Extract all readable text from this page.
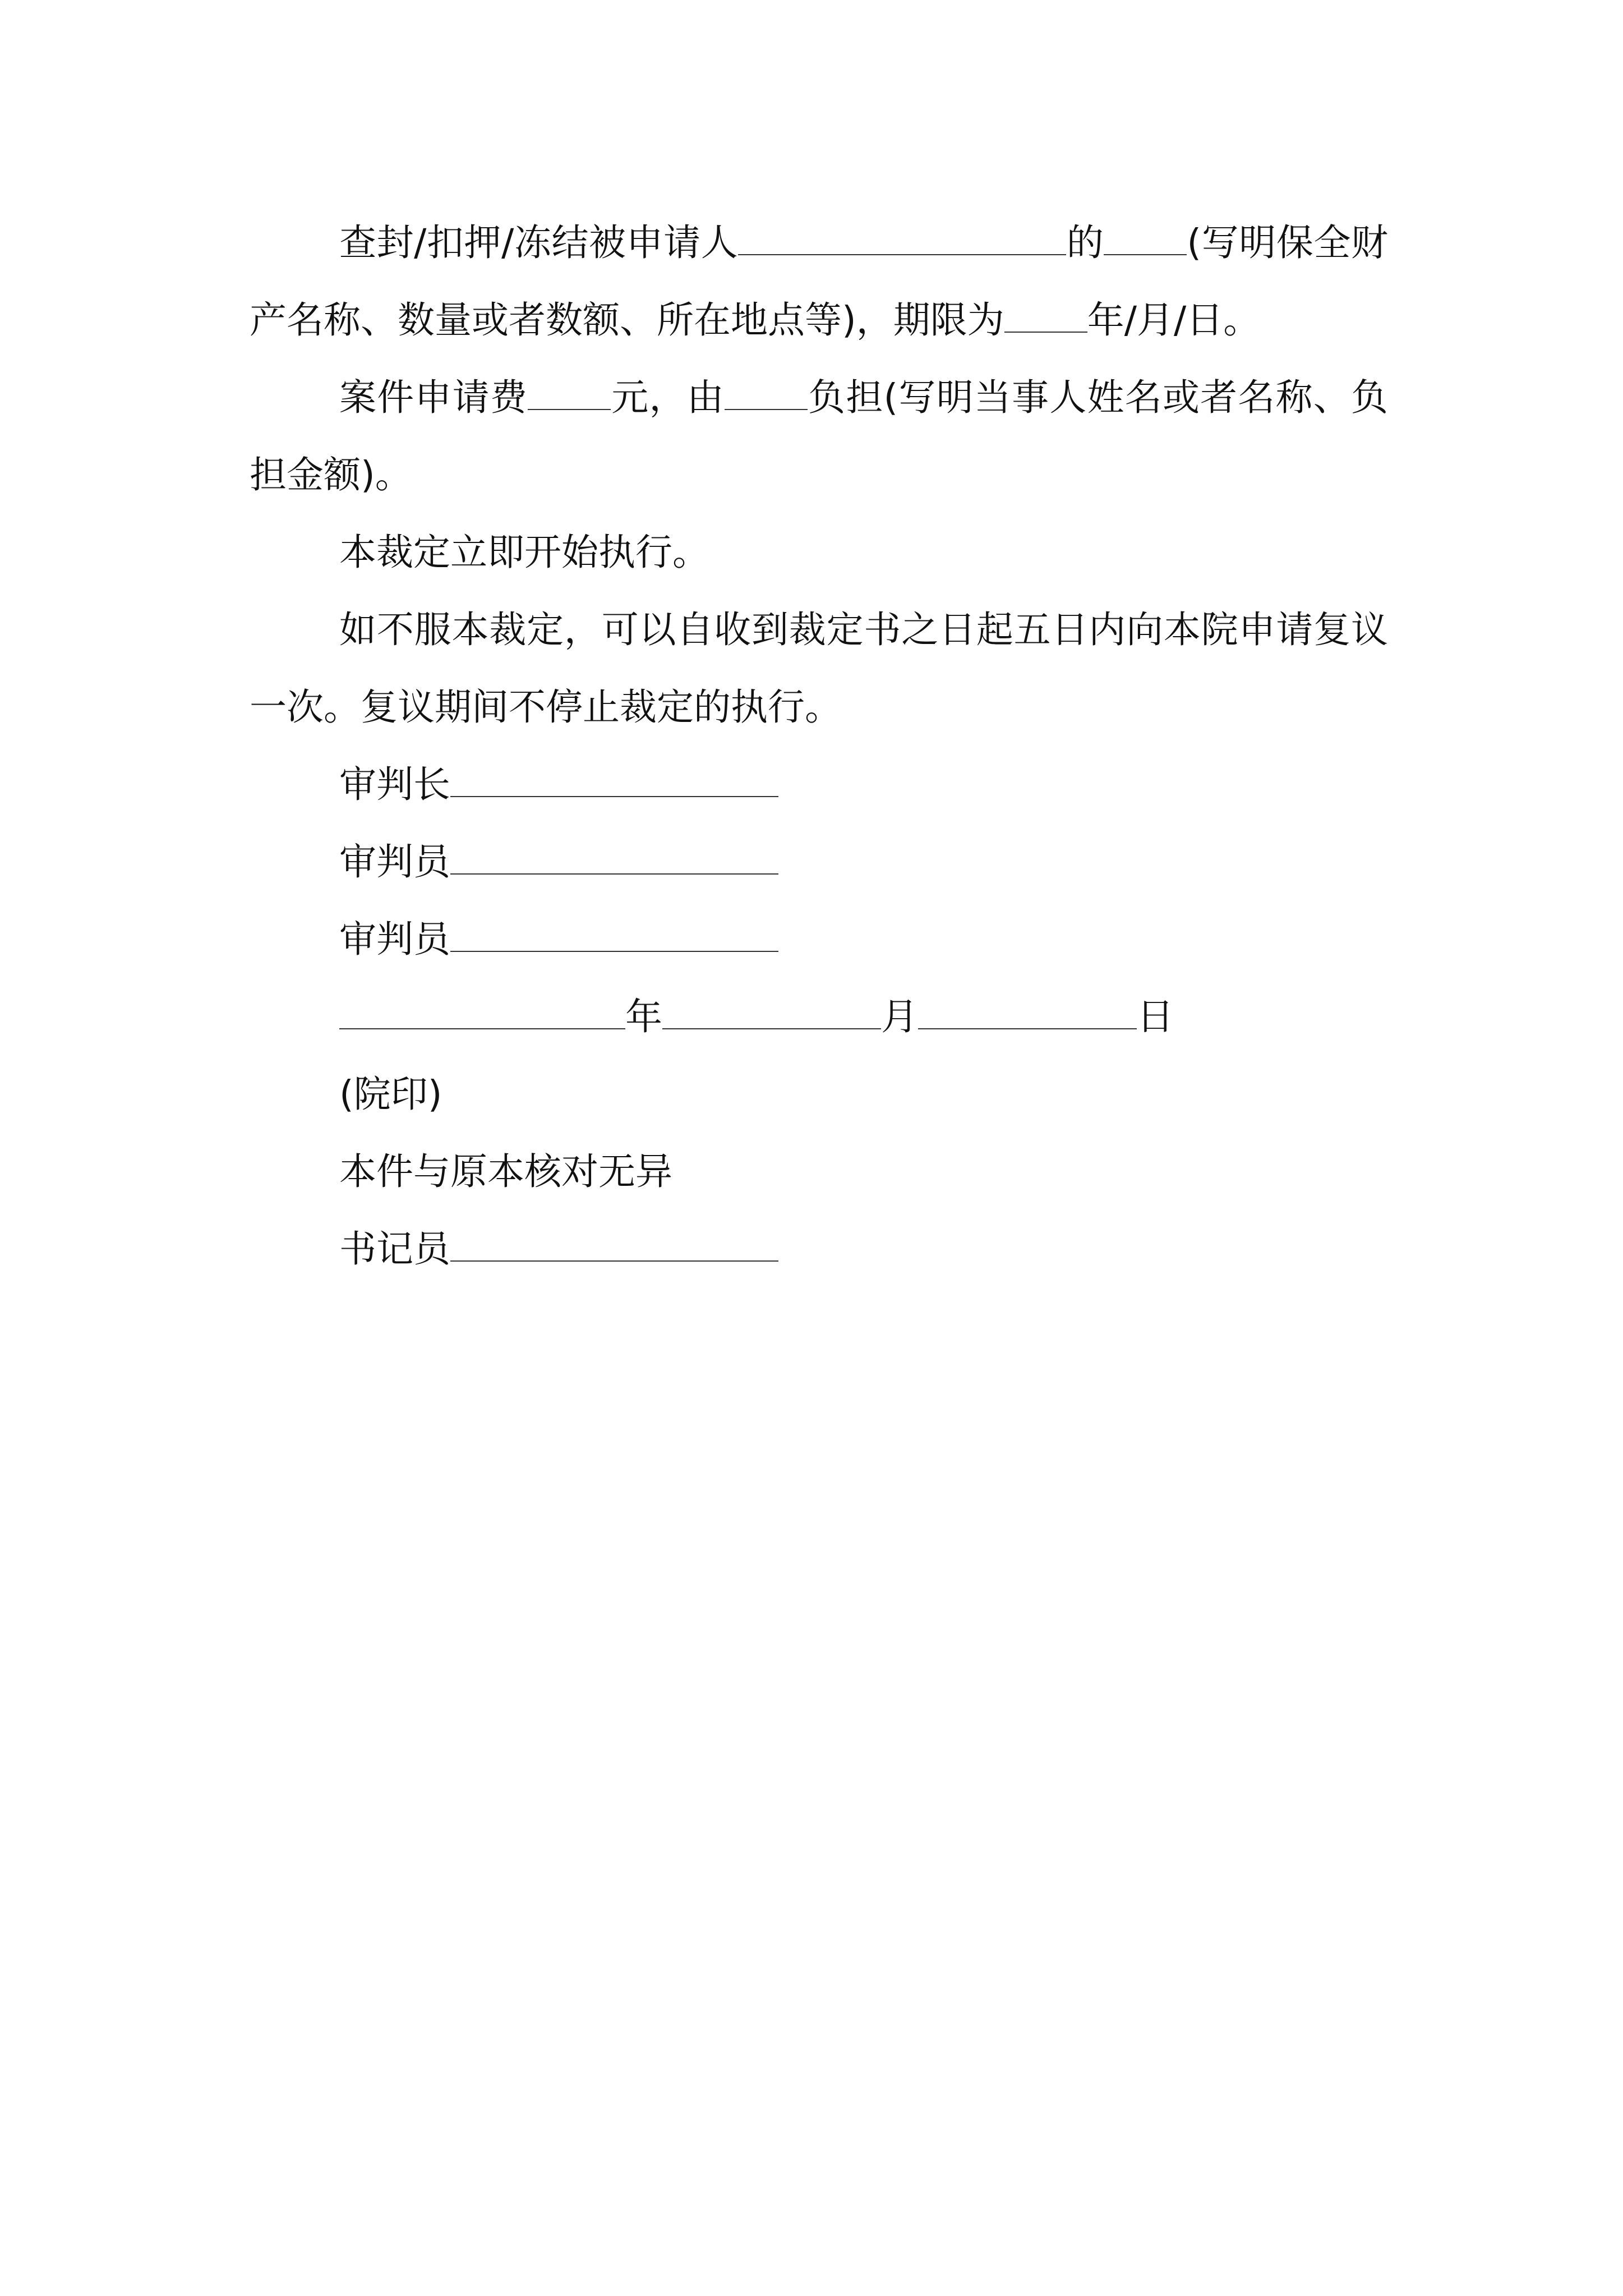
查封/扣押/冻结被申请人	的 (写明保全财产名称、数量或者数额、所在地点等)，期限为 年/月/日。

案件申请费 元，由 负担(写明当事人姓名或者名称、负担金额)。

本裁定立即开始执行。

如不服本裁定，可以自收到裁定书之日起五日内向本院申请复议一次。复议期间不停止裁定的执行。

审判长

审判员

审判员

年	月	日

(院印)

本件与原本核对无异

书记员
